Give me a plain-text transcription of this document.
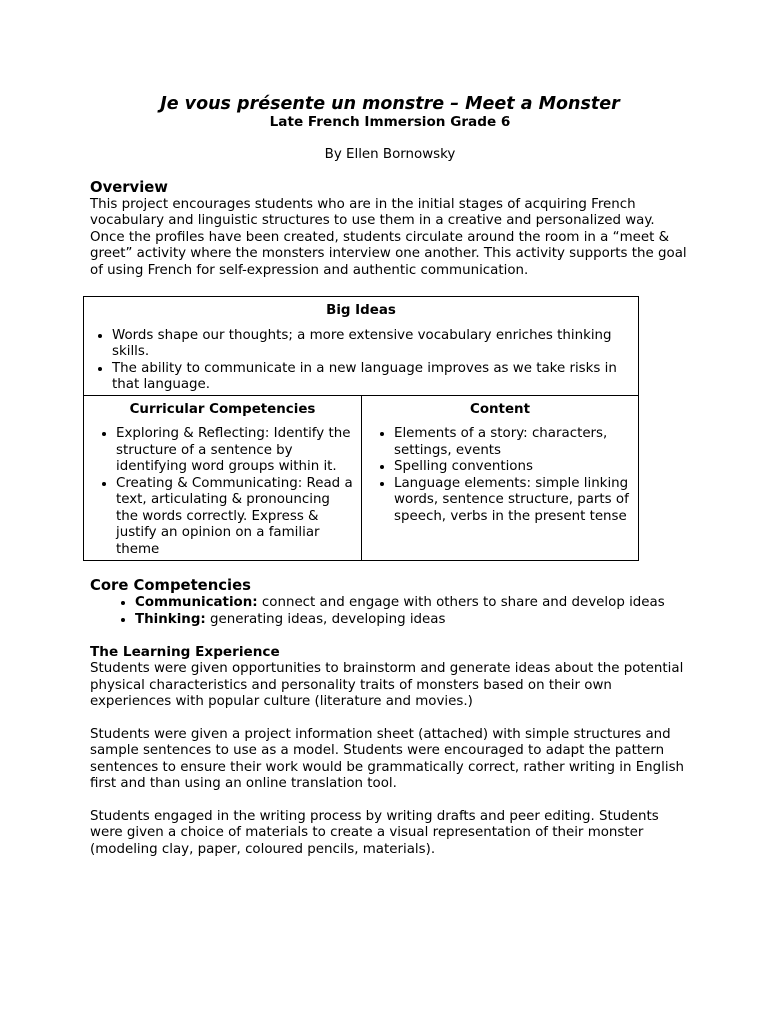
Je vous présente un monstre – Meet a Monster
Late French Immersion Grade 6
By Ellen Bornowsky
Overview

This project encourages students who are in the initial stages of acquiring French vocabulary and linguistic structures to use them in a creative and personalized way. Once the profiles have been created, students circulate around the room in a “meet & greet” activity where the monsters interview one another. This activity supports the goal of using French for self-expression and authentic communication.

Big Ideas
• Words shape our thoughts; a more extensive vocabulary enriches thinking skills.
• The ability to communicate in a new language improves as we take risks in that language.

Curricular Competencies
• Exploring & Reflecting: Identify the structure of a sentence by identifying word groups within it.
• Creating & Communicating: Read a text, articulating & pronouncing the words correctly. Express & justify an opinion on a familiar theme

Content
• Elements of a story: characters, settings, events
• Spelling conventions
• Language elements: simple linking words, sentence structure, parts of speech, verbs in the present tense
Core Competencies
• Communication: connect and engage with others to share and develop ideas
• Thinking: generating ideas, developing ideas
The Learning Experience

Students were given opportunities to brainstorm and generate ideas about the potential physical characteristics and personality traits of monsters based on their own experiences with popular culture (literature and movies.)

Students were given a project information sheet (attached) with simple structures and sample sentences to use as a model. Students were encouraged to adapt the pattern sentences to ensure their work would be grammatically correct, rather writing in English first and than using an online translation tool.

Students engaged in the writing process by writing drafts and peer editing. Students were given a choice of materials to create a visual representation of their monster (modeling clay, paper, coloured pencils, materials).
